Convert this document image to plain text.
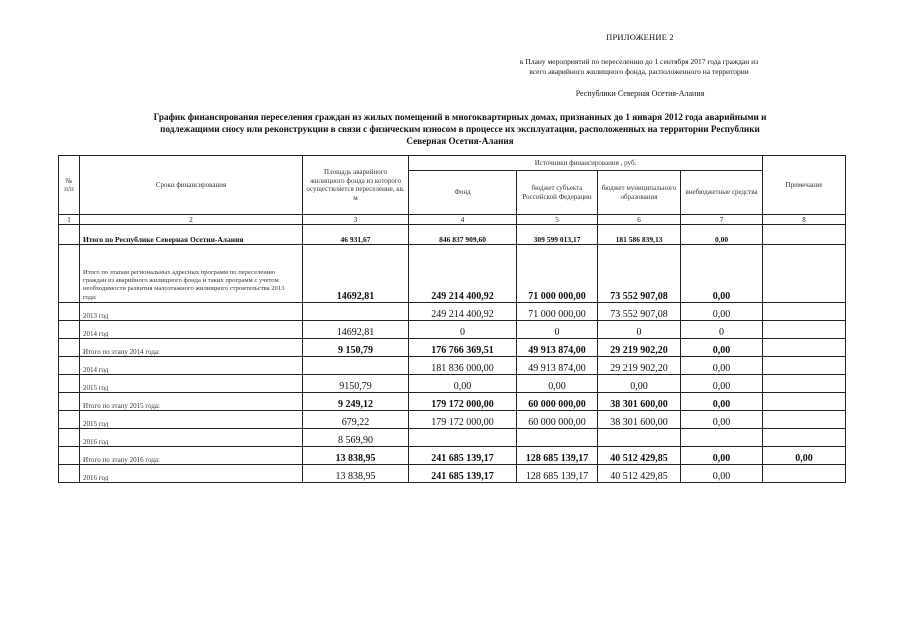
ПРИЛОЖЕНИЕ 2
к Плану мероприятий по переселению до 1 сентября 2017 года граждан из
всего аварийного жилищного фонда, расположенного на территории
Республики Северная Осетия-Алания
График финансирования переселения граждан из жилых помещений в многоквартирных домах, признанных до 1 января 2012 года аварийными и
подлежащими сносу или реконструкции в связи с физическим износом в процессе их эксплуатации, расположенных на территории Республики
Северная Осетия-Алания
№ п/п	Сроки финансирования	Площадь аварийного жилищного фонда из которого осуществляется переселение, кв. м	Источники финансирования , руб.				Примечание
			Фонд	бюджет субъекта Российской Федерации	бюджет муниципального образования	внебюджетные средства	
1	2	3	4	5	6	7	8
	Итого по Республике Северная Осетии-Алания	46 931,67	846 837 909,60	309 599 013,17	181 586 839,13	0,00	
	Итого по этапам региональных адресных программ по переселению граждан из аварийного жилищного фонда и таких программ с учетом необходимости развития малоэтажного жилищного строительства 2013 года:	14692,81	249 214 400,92	71 000 000,00	73 552 907,08	0,00	
	2013 год		249 214 400,92	71 000 000,00	73 552 907,08	0,00	
	2014 год	14692,81	0	0	0	0	
	Итого по этапу 2014 года:	9 150,79	176 766 369,51	49 913 874,00	29 219 902,20	0,00	
	2014 год		181 836 000,00	49 913 874,00	29 219 902,20	0,00	
	2015 год	9150,79	0,00	0,00	0,00	0,00	
	Итого по этапу 2015 года:	9 249,12	179 172 000,00	60 000 000,00	38 301 600,00	0,00	
	2015 год	679,22	179 172 000,00	60 000 000,00	38 301 600,00	0,00	
	2016 год	8 569,90					
	Итого по этапу 2016 года:	13 838,95	241 685 139,17	128 685 139,17	40 512 429,85	0,00	0,00
	2016 год	13 838,95	241 685 139,17	128 685 139,17	40 512 429,85	0,00	
